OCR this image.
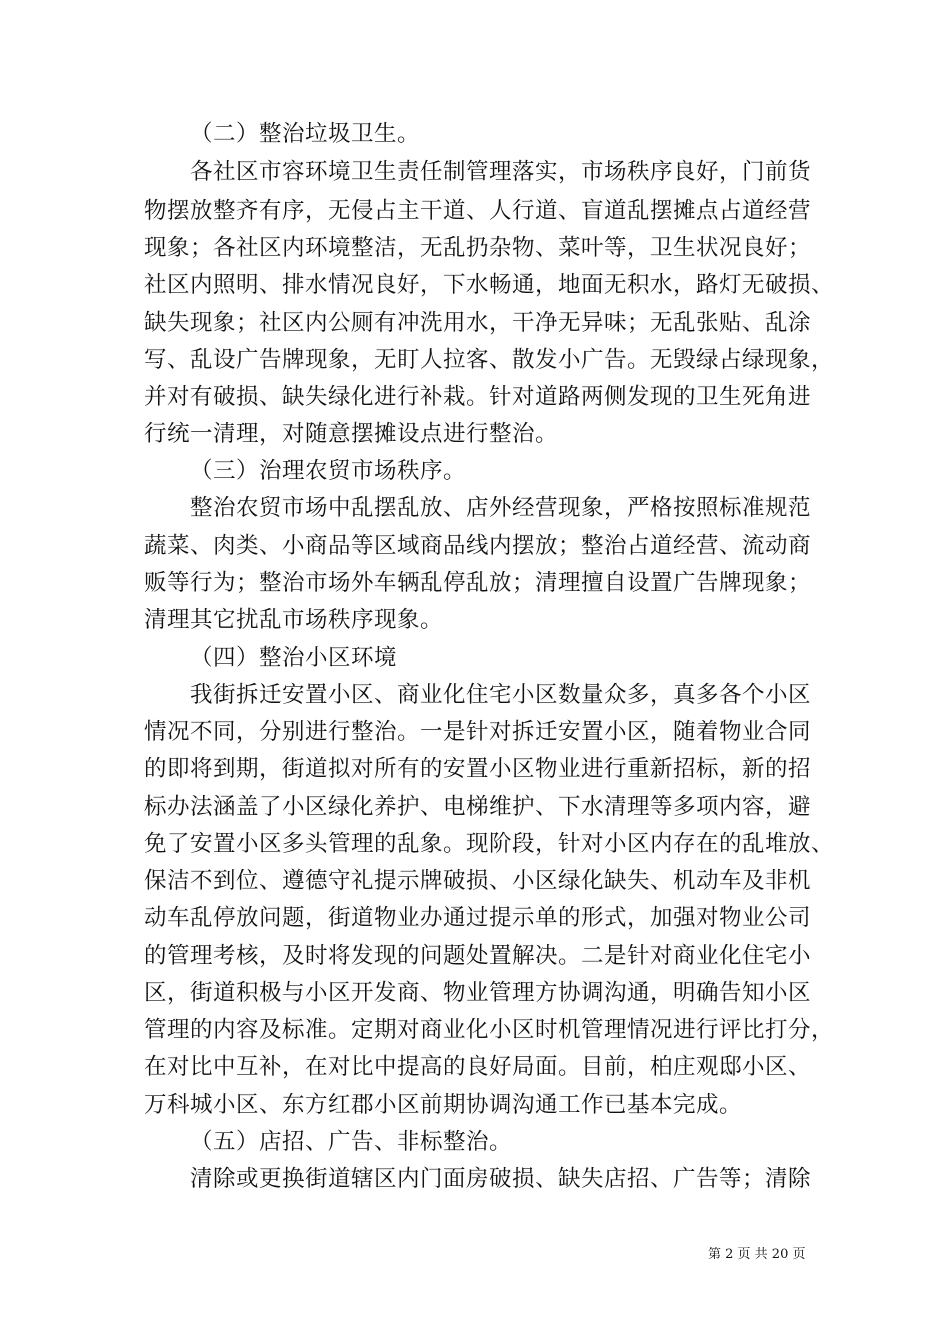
（二）整治垃圾卫生。
各社区市容环境卫生责任制管理落实，市场秩序良好，门前货
物摆放整齐有序，无侵占主干道、人行道、盲道乱摆摊点占道经营
现象；各社区内环境整洁，无乱扔杂物、菜叶等，卫生状况良好；
社区内照明、排水情况良好，下水畅通，地面无积水，路灯无破损、
缺失现象；社区内公厕有冲洗用水，干净无异味；无乱张贴、乱涂
写、乱设广告牌现象，无盯人拉客、散发小广告。无毁绿占绿现象，
并对有破损、缺失绿化进行补栽。针对道路两侧发现的卫生死角进
行统一清理，对随意摆摊设点进行整治。
（三）治理农贸市场秩序。
整治农贸市场中乱摆乱放、店外经营现象，严格按照标准规范
蔬菜、肉类、小商品等区域商品线内摆放；整治占道经营、流动商
贩等行为；整治市场外车辆乱停乱放；清理擅自设置广告牌现象；
清理其它扰乱市场秩序现象。
（四）整治小区环境
我街拆迁安置小区、商业化住宅小区数量众多，真多各个小区
情况不同，分别进行整治。一是针对拆迁安置小区，随着物业合同
的即将到期，街道拟对所有的安置小区物业进行重新招标，新的招
标办法涵盖了小区绿化养护、电梯维护、下水清理等多项内容，避
免了安置小区多头管理的乱象。现阶段，针对小区内存在的乱堆放、
保洁不到位、遵德守礼提示牌破损、小区绿化缺失、机动车及非机
动车乱停放问题，街道物业办通过提示单的形式，加强对物业公司
的管理考核，及时将发现的问题处置解决。二是针对商业化住宅小
区，街道积极与小区开发商、物业管理方协调沟通，明确告知小区
管理的内容及标准。定期对商业化小区时机管理情况进行评比打分，
在对比中互补，在对比中提高的良好局面。目前，柏庄观邸小区、
万科城小区、东方红郡小区前期协调沟通工作已基本完成。
（五）店招、广告、非标整治。
清除或更换街道辖区内门面房破损、缺失店招、广告等；清除
第 2 页 共 20 页
